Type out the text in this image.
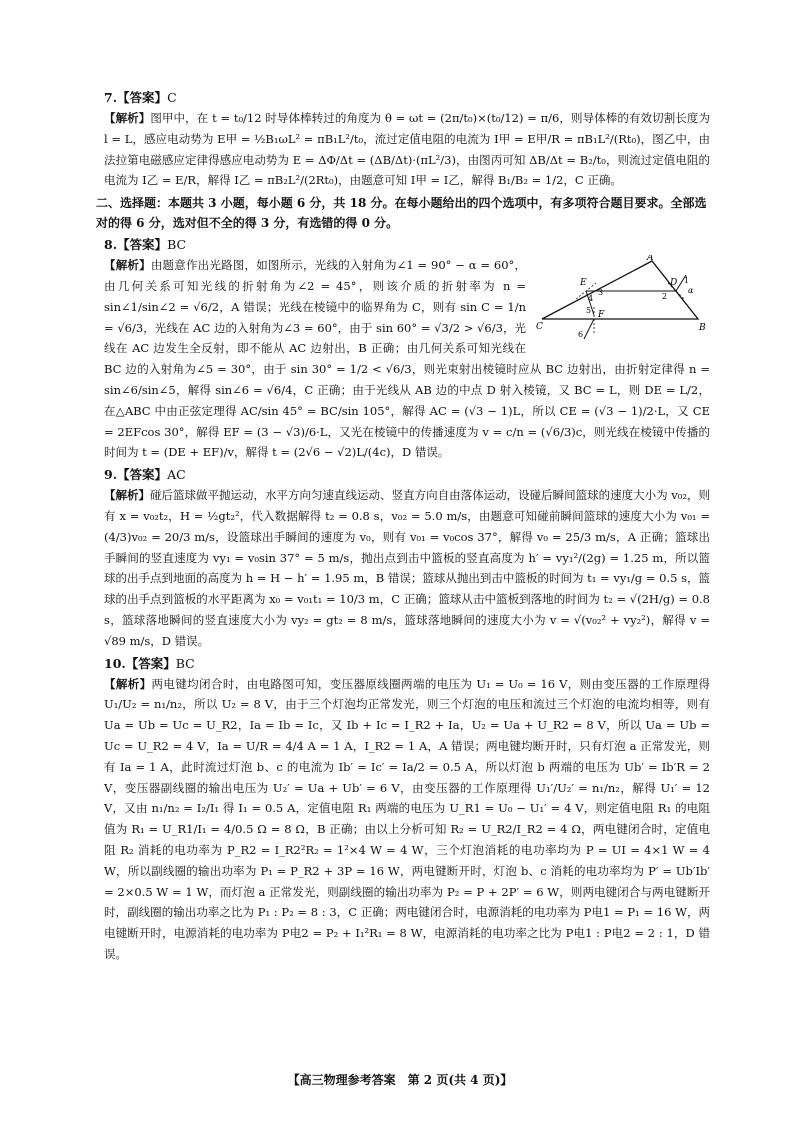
7.【答案】C

【解析】图甲中，在 t = t₀/12 时导体棒转过的角度为 θ = ωt = (2π/t₀)×(t₀/12) = π/6，则导体棒的有效切割长度为 l = L，感应电动势为 E甲 = ½B₁ωL² = πB₁L²/t₀，流过定值电阻的电流为 I甲 = E甲/R = πB₁L²/(Rt₀)，图乙中，由法拉第电磁感应定律得感应电动势为 E = ΔΦ/Δt = (ΔB/Δt)·(πL²/3)，由图丙可知 ΔB/Δt = B₂/t₀，则流过定值电阻的电流为 I乙 = E/R，解得 I乙 = πB₂L²/(2Rt₀)，由题意可知 I甲 = I乙，解得 B₁/B₂ = 1/2，C 正确。

二、选择题：本题共 3 小题，每小题 6 分，共 18 分。在每小题给出的四个选项中，有多项符合题目要求。全部选对的得 6 分，选对但不全的得 3 分，有选错的得 0 分。
8.【答案】BC

A
B
C
D
E
F
1
2
3
4
5
6
α
【解析】由题意作出光路图，如图所示，光线的入射角为∠1 = 90° − α = 60°，由几何关系可知光线的折射角为∠2 = 45°，则该介质的折射率为 n = sin∠1/sin∠2 = √6/2，A 错误；光线在棱镜中的临界角为 C，则有 sin C = 1/n = √6/3，光线在 AC 边的入射角为∠3 = 60°，由于 sin 60° = √3/2 > √6/3，光线在 AC 边发生全反射，即不能从 AC 边射出，B 正确；由几何关系可知光线在 BC 边的入射角为∠5 = 30°，由于 sin 30° = 1/2 < √6/3，则光束射出棱镜时应从 BC 边射出，由折射定律得 n = sin∠6/sin∠5，解得 sin∠6 = √6/4，C 正确；由于光线从 AB 边的中点 D 射入棱镜，又 BC = L，则 DE = L/2，在△ABC 中由正弦定理得 AC/sin 45° = BC/sin 105°，解得 AC = (√3 − 1)L，所以 CE = (√3 − 1)/2·L，又 CE = 2EFcos 30°，解得 EF = (3 − √3)/6·L，又光在棱镜中的传播速度为 v = c/n = (√6/3)c，则光线在棱镜中传播的时间为 t = (DE + EF)/v，解得 t = (2√6 − √2)L/(4c)，D 错误。

9.【答案】AC

【解析】碰后篮球做平抛运动，水平方向匀速直线运动、竖直方向自由落体运动，设碰后瞬间篮球的速度大小为 v₀₂，则有 x = v₀₂t₂，H = ½gt₂²，代入数据解得 t₂ = 0.8 s，v₀₂ = 5.0 m/s，由题意可知碰前瞬间篮球的速度大小为 v₀₁ = (4/3)v₀₂ = 20/3 m/s，设篮球出手瞬间的速度为 v₀，则有 v₀₁ = v₀cos 37°，解得 v₀ = 25/3 m/s，A 正确；篮球出手瞬间的竖直速度为 vy₁ = v₀sin 37° = 5 m/s，抛出点到击中篮板的竖直高度为 h′ = vy₁²/(2g) = 1.25 m，所以篮球的出手点到地面的高度为 h = H − h′ = 1.95 m，B 错误；篮球从抛出到击中篮板的时间为 t₁ = vy₁/g = 0.5 s，篮球的出手点到篮板的水平距离为 x₀ = v₀₁t₁ = 10/3 m，C 正确；篮球从击中篮板到落地的时间为 t₂ = √(2H/g) = 0.8 s，篮球落地瞬间的竖直速度大小为 vy₂ = gt₂ = 8 m/s，篮球落地瞬间的速度大小为 v = √(v₀₂² + vy₂²)，解得 v = √89 m/s，D 错误。

10.【答案】BC

【解析】两电键均闭合时，由电路图可知，变压器原线圈两端的电压为 U₁ = U₀ = 16 V，则由变压器的工作原理得 U₁/U₂ = n₁/n₂，所以 U₂ = 8 V，由于三个灯泡均正常发光，则三个灯泡的电压和流过三个灯泡的电流均相等，则有 Ua = Ub = Uc = U_R2，Ia = Ib = Ic，又 Ib + Ic = I_R2 + Ia，U₂ = Ua + U_R2 = 8 V，所以 Ua = Ub = Uc = U_R2 = 4 V，Ia = U/R = 4/4 A = 1 A，I_R2 = 1 A，A 错误；两电键均断开时，只有灯泡 a 正常发光，则有 Ia = 1 A，此时流过灯泡 b、c 的电流为 Ib′ = Ic′ = Ia/2 = 0.5 A，所以灯泡 b 两端的电压为 Ub′ = Ib′R = 2 V，变压器副线圈的输出电压为 U₂′ = Ua + Ub′ = 6 V，由变压器的工作原理得 U₁′/U₂′ = n₁/n₂，解得 U₁′ = 12 V，又由 n₁/n₂ = I₂/I₁ 得 I₁ = 0.5 A，定值电阻 R₁ 两端的电压为 U_R1 = U₀ − U₁′ = 4 V，则定值电阻 R₁ 的电阻值为 R₁ = U_R1/I₁ = 4/0.5 Ω = 8 Ω，B 正确；由以上分析可知 R₂ = U_R2/I_R2 = 4 Ω，两电键闭合时，定值电阻 R₂ 消耗的电功率为 P_R2 = I_R2²R₂ = 1²×4 W = 4 W，三个灯泡消耗的电功率均为 P = UI = 4×1 W = 4 W，所以副线圈的输出功率为 P₁ = P_R2 + 3P = 16 W，两电键断开时，灯泡 b、c 消耗的电功率均为 P′ = Ub′Ib′ = 2×0.5 W = 1 W，而灯泡 a 正常发光，则副线圈的输出功率为 P₂ = P + 2P′ = 6 W，则两电键闭合与两电键断开时，副线圈的输出功率之比为 P₁ : P₂ = 8 : 3，C 正确；两电键闭合时，电源消耗的电功率为 P电1 = P₁ = 16 W，两电键断开时，电源消耗的电功率为 P电2 = P₂ + I₁²R₁ = 8 W，电源消耗的电功率之比为 P电1 : P电2 = 2 : 1，D 错误。

【高三物理参考答案　第 2 页(共 4 页)】
